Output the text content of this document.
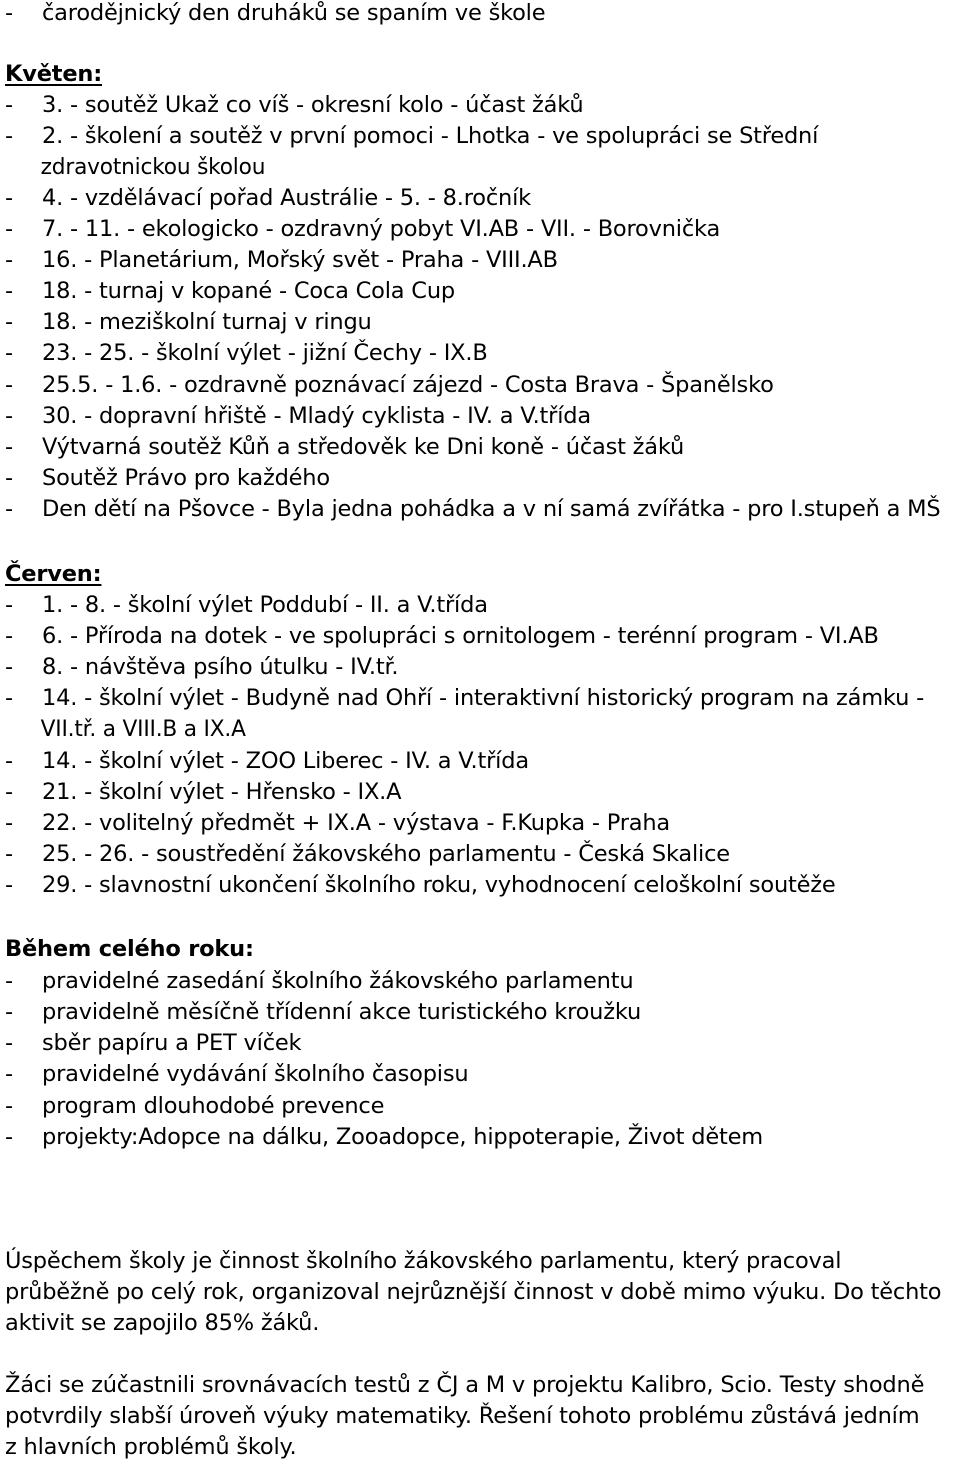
- čarodějnický den druháků se spaním ve škole
Květen:
- 3. - soutěž Ukaž co víš - okresní kolo - účast žáků
- 2. - školení a soutěž v první pomoci - Lhotka - ve spolupráci se Střední
zdravotnickou školou
- 4. - vzdělávací pořad Austrálie - 5. - 8.ročník
- 7. - 11. - ekologicko - ozdravný pobyt VI.AB - VII. - Borovnička
- 16. - Planetárium, Mořský svět - Praha - VIII.AB
- 18. - turnaj v kopané - Coca Cola Cup
- 18. - meziškolní turnaj v ringu
- 23. - 25. - školní výlet - jižní Čechy - IX.B
- 25.5. - 1.6. - ozdravně poznávací zájezd - Costa Brava - Španělsko
- 30. - dopravní hřiště - Mladý cyklista - IV. a V.třída
- Výtvarná soutěž Kůň a středověk ke Dni koně - účast žáků
- Soutěž Právo pro každého
- Den dětí na Pšovce - Byla jedna pohádka a v ní samá zvířátka - pro I.stupeň a MŠ
Červen:
- 1. - 8. - školní výlet Poddubí - II. a V.třída
- 6. - Příroda na dotek - ve spolupráci s ornitologem - terénní program - VI.AB
- 8. - návštěva psího útulku - IV.tř.
- 14. - školní výlet - Budyně nad Ohří - interaktivní historický program na zámku -
VII.tř. a VIII.B a IX.A
- 14. - školní výlet - ZOO Liberec - IV. a V.třída
- 21. - školní výlet - Hřensko - IX.A
- 22. - volitelný předmět + IX.A - výstava - F.Kupka - Praha
- 25. - 26. - soustředění žákovského parlamentu - Česká Skalice
- 29. - slavnostní ukončení školního roku, vyhodnocení celoškolní soutěže
Během celého roku:
- pravidelné zasedání školního žákovského parlamentu
- pravidelně měsíčně třídenní akce turistického kroužku
- sběr papíru a PET víček
- pravidelné vydávání školního časopisu
- program dlouhodobé prevence
- projekty:Adopce na dálku, Zooadopce, hippoterapie, Život dětem
Úspěchem školy je činnost školního žákovského parlamentu, který pracoval
průběžně po celý rok, organizoval nejrůznější činnost v době mimo výuku. Do těchto
aktivit se zapojilo 85% žáků.
Žáci se zúčastnili srovnávacích testů z ČJ a M v projektu Kalibro, Scio. Testy shodně
potvrdily slabší úroveň výuky matematiky. Řešení tohoto problému zůstává jedním
z hlavních problémů školy.
